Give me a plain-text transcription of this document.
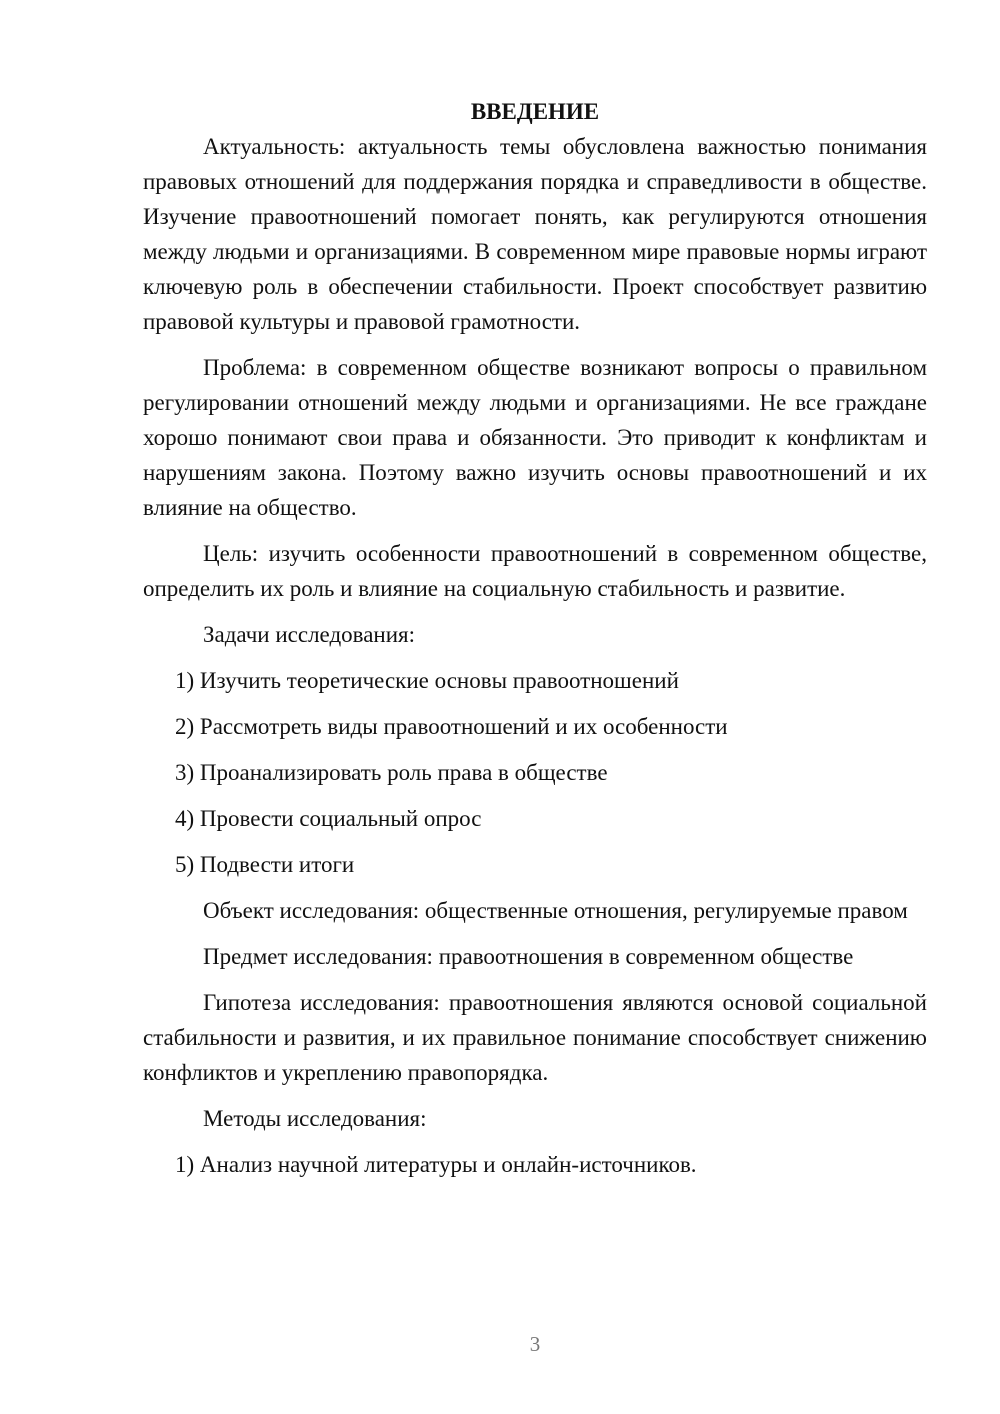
ВВЕДЕНИЕ

Актуальность: актуальность темы обусловлена важностью понимания правовых отношений для поддержания порядка и справедливости в обществе. Изучение правоотношений помогает понять, как регулируются отношения между людьми и организациями. В современном мире правовые нормы играют ключевую роль в обеспечении стабильности. Проект способствует развитию правовой культуры и правовой грамотности.

Проблема: в современном обществе возникают вопросы о правильном регулировании отношений между людьми и организациями. Не все граждане хорошо понимают свои права и обязанности. Это приводит к конфликтам и нарушениям закона. Поэтому важно изучить основы правоотношений и их влияние на общество.

Цель: изучить особенности правоотношений в современном обществе, определить их роль и влияние на социальную стабильность и развитие.

Задачи исследования:

1) Изучить теоретические основы правоотношений

2) Рассмотреть виды правоотношений и их особенности

3) Проанализировать роль права в обществе

4) Провести социальный опрос

5) Подвести итоги

Объект исследования: общественные отношения, регулируемые правом

Предмет исследования: правоотношения в современном обществе

Гипотеза исследования: правоотношения являются основой социальной стабильности и развития, и их правильное понимание способствует снижению конфликтов и укреплению правопорядка.

Методы исследования:

1) Анализ научной литературы и онлайн-источников.

3
